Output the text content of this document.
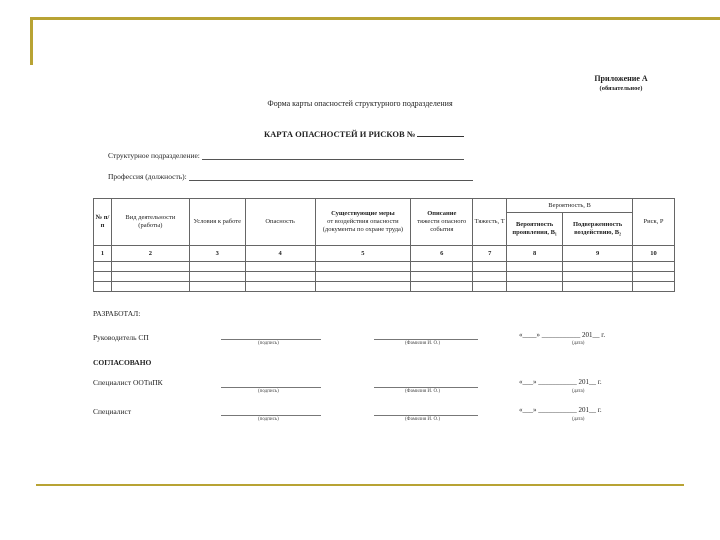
Приложение А
(обязательное)
Форма карты опасностей структурного подразделения
КАРТА ОПАСНОСТЕЙ И РИСКОВ №
Структурное подразделение:
Профессия (должность):
№ п/п	Вид деятельности (работы)	Условия к работе	Опасность	Существующие меры
от воздействия опасности (документы по охране труда)	Описание
тяжести опасного события	Тяжесть, Т	Вероятность, В		Риск, Р
							Вероятность проявления, В₁	Подверженность воздействию, В₂	
1	2	3	4	5	6	7	8	9	10

РАЗРАБОТАЛ:
Руководитель СП
(подпись)	(Фамилия И. О.)
«____» ___________ 201__ г.
(дата)
СОГЛАСОВАНО
Специалист ООТиПК
(подпись)	(Фамилия И. О.)
«___» ___________ 201__ г.
(дата)
Специалист
(подпись)	(Фамилия И. О.)
«___» ___________ 201__ г.
(дата)
